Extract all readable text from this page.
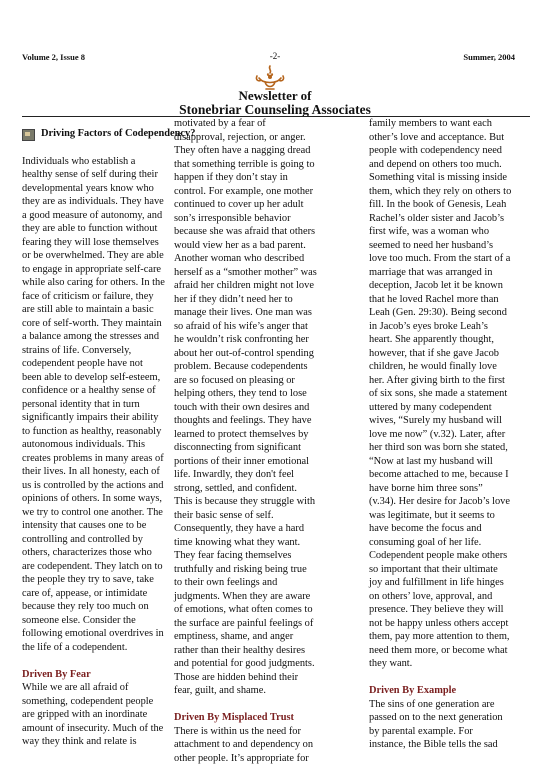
Volume 2, Issue 8	-2-	Summer, 2004
Newsletter of
Stonebriar Counseling Associates
Driving Factors of Codependency?
Individuals who establish a
healthy sense of self during their
developmental years know who
they are as individuals. They have
a good measure of autonomy, and
they are able to function without
fearing they will lose themselves
or be overwhelmed. They are able
to engage in appropriate self-care
while also caring for others. In the
face of criticism or failure, they
are still able to maintain a basic
core of self-worth. They maintain
a balance among the stresses and
strains of life. Conversely,
codependent people have not
been able to develop self-esteem,
confidence or a healthy sense of
personal identity that in turn
significantly impairs their ability
to function as healthy, reasonably
autonomous individuals. This
creates problems in many areas of
their lives. In all honesty, each of
us is controlled by the actions and
opinions of others. In some ways,
we try to control one another. The
intensity that causes one to be
controlling and controlled by
others, characterizes those who
are codependent. They latch on to
the people they try to save, take
care of, appease, or intimidate
because they rely too much on
someone else. Consider the
following emotional overdrives in
the life of a codependent.
Driven By Fear
While we are all afraid of
something, codependent people
are gripped with an inordinate
amount of insecurity. Much of the
way they think and relate is
motivated by a fear of
disapproval, rejection, or anger.
They often have a nagging dread
that something terrible is going to
happen if they don’t stay in
control. For example, one mother
continued to cover up her adult
son’s irresponsible behavior
because she was afraid that others
would view her as a bad parent.
Another woman who described
herself as a “smother mother” was
afraid her children might not love
her if they didn’t need her to
manage their lives. One man was
so afraid of his wife’s anger that
he wouldn’t risk confronting her
about her out-of-control spending
problem. Because codependents
are so focused on pleasing or
helping others, they tend to lose
touch with their own desires and
thoughts and feelings. They have
learned to protect themselves by
disconnecting from significant
portions of their inner emotional
life. Inwardly, they don't feel
strong, settled, and confident.
This is because they struggle with
their basic sense of self.
Consequently, they have a hard
time knowing what they want.
They fear facing themselves
truthfully and risking being true
to their own feelings and
judgments. When they are aware
of emotions, what often comes to
the surface are painful feelings of
emptiness, shame, and anger
rather than their healthy desires
and potential for good judgments.
Those are hidden behind their
fear, guilt, and shame.
Driven By Misplaced Trust
There is within us the need for
attachment to and dependency on
other people. It’s appropriate for
family members to want each
other’s love and acceptance. But
people with codependency need
and depend on others too much.
Something vital is missing inside
them, which they rely on others to
fill. In the book of Genesis, Leah
Rachel’s older sister and Jacob’s
first wife, was a woman who
seemed to need her husband’s
love too much. From the start of a
marriage that was arranged in
deception, Jacob let it be known
that he loved Rachel more than
Leah (Gen. 29:30). Being second
in Jacob’s eyes broke Leah’s
heart. She apparently thought,
however, that if she gave Jacob
children, he would finally love
her. After giving birth to the first
of six sons, she made a statement
uttered by many codependent
wives, “Surely my husband will
love me now” (v.32). Later, after
her third son was born she stated,
“Now at last my husband will
become attached to me, because I
have borne him three sons”
(v.34). Her desire for Jacob’s love
was legitimate, but it seems to
have become the focus and
consuming goal of her life.
Codependent people make others
so important that their ultimate
joy and fulfillment in life hinges
on others’ love, approval, and
presence. They believe they will
not be happy unless others accept
them, pay more attention to them,
need them more, or become what
they want.
Driven By Example
The sins of one generation are
passed on to the next generation
by parental example. For
instance, the Bible tells the sad
